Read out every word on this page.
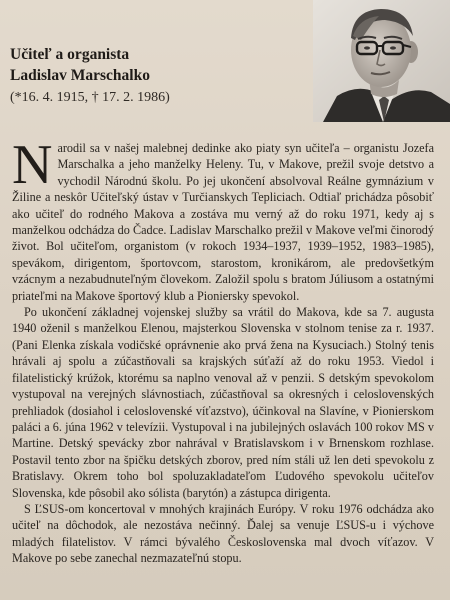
Učiteľ a organista

Ladislav Marschalko

(*16. 4. 1915, † 17. 2. 1986)

Narodil sa v našej malebnej dedinke ako piaty syn učiteľa – organistu Jozefa Marschalka a jeho manželky Heleny. Tu, v Makove, prežil svoje detstvo a vychodil Národnú školu. Po jej ukončení absolvoval Reálne gymnázium v Žiline a neskôr Učiteľský ústav v Turčianskych Tepliciach. Odtiaľ prichádza pôsobiť ako učiteľ do rodného Makova a zostáva mu verný až do roku 1971, kedy aj s manželkou odchádza do Čadce. Ladislav Marschalko prežil v Makove veľmi činorodý život. Bol učiteľom, organistom (v rokoch 1934–1937, 1939–1952, 1983–1985), spevákom, dirigentom, športovcom, starostom, kronikárom, ale predovšetkým vzácnym a nezabudnuteľným človekom. Založil spolu s bratom Júliusom a ostatnými priateľmi na Makove športový klub a Pioniersky spevokol.

Po ukončení základnej vojenskej služby sa vrátil do Makova, kde sa 7. augusta 1940 oženil s manželkou Elenou, majsterkou Slovenska v stolnom tenise za r. 1937. (Pani Elenka získala vodičské oprávnenie ako prvá žena na Kysuciach.) Stolný tenis hrávali aj spolu a zúčastňovali sa krajských súťaží až do roku 1953. Viedol i filatelistický krúžok, ktorému sa naplno venoval až v penzii. S detským spevokolom vystupoval na verejných slávnostiach, zúčastňoval sa okresných i celoslovenských prehliadok (dosiahol i celoslovenské víťazstvo), účinkoval na Slavíne, v Pionierskom paláci a 6. júna 1962 v televízii. Vystupoval i na jubilejných oslavách 100 rokov MS v Martine. Detský spevácky zbor nahrával v Bratislavskom i v Brnenskom rozhlase. Postavil tento zbor na špičku detských zborov, pred ním stáli už len deti spevokolu z Bratislavy. Okrem toho bol spoluzakladateľom Ľudového spevokolu učiteľov Slovenska, kde pôsobil ako sólista (barytón) a zástupca dirigenta.

S ĽSUS-om koncertoval v mnohých krajinách Európy. V roku 1976 odchádza ako učiteľ na dôchodok, ale nezostáva nečinný. Ďalej sa venuje ĽSUS-u i výchove mladých filatelistov. V rámci bývalého Československa mal dvoch víťazov. V Makove po sebe zanechal nezmazateľnú stopu.
